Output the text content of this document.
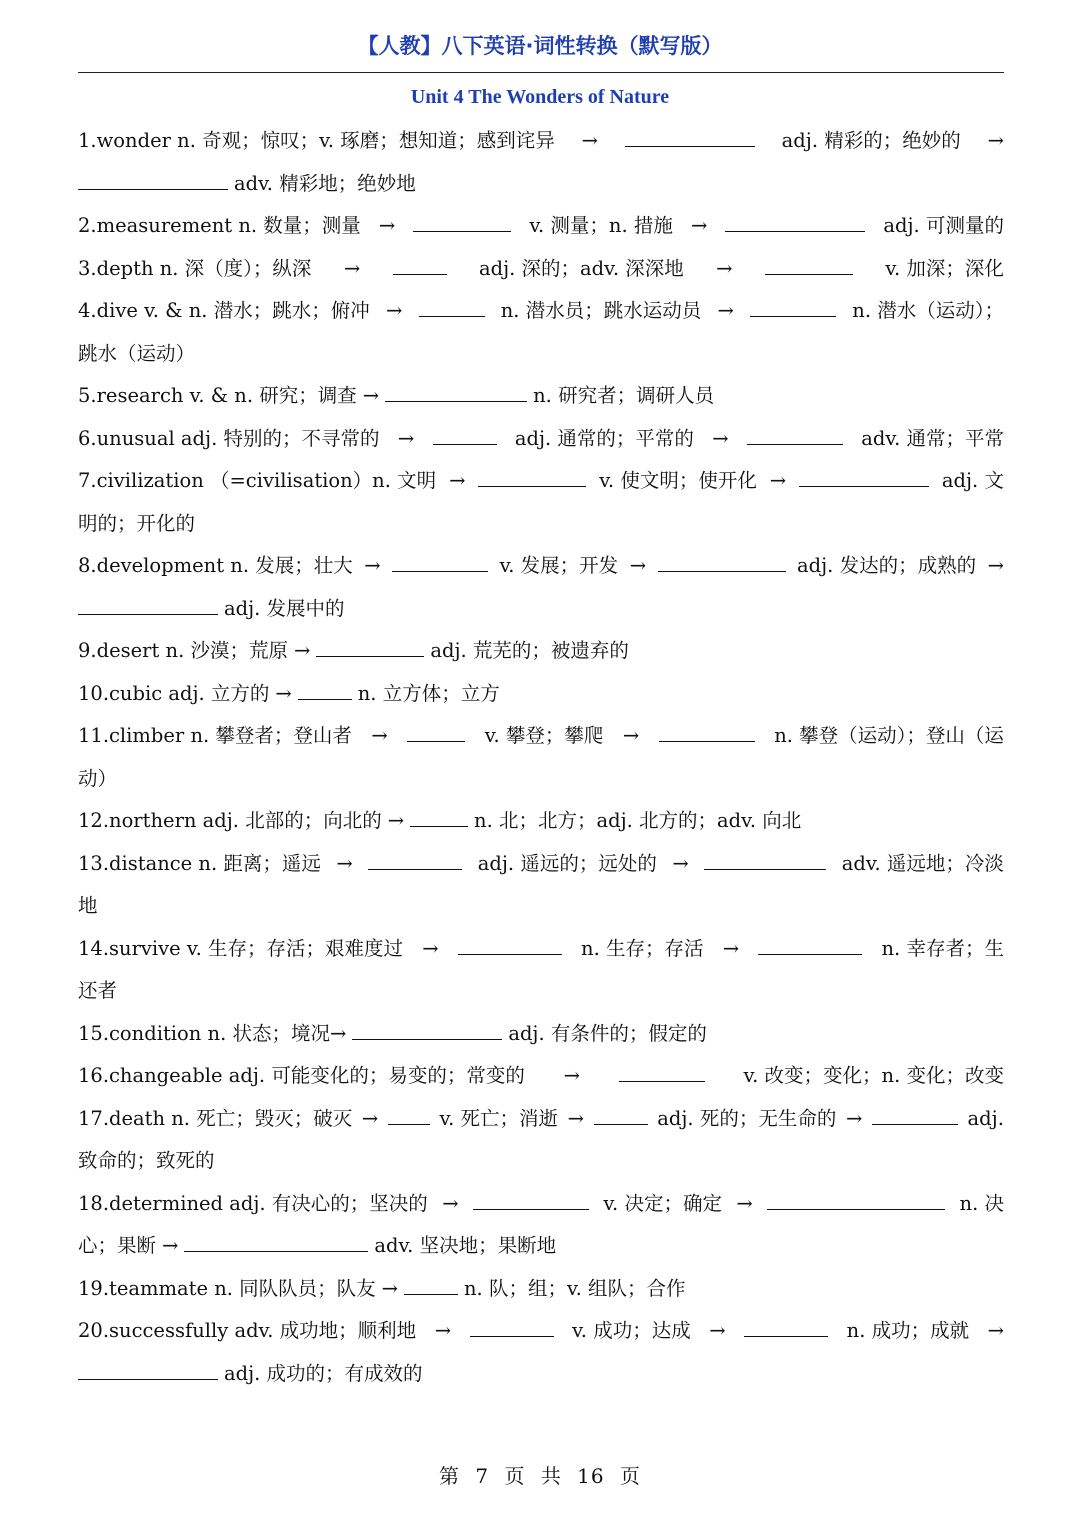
【人教】八下英语·词性转换（默写版）
Unit 4 The Wonders of Nature
1.wonder n. 奇观；惊叹；v. 琢磨；想知道；感到诧异 →	adj. 精彩的；绝妙的 →
adv. 精彩地；绝妙地
2.measurement n. 数量；测量 →	v. 测量；n. 措施 →	adj. 可测量的
3.depth n. 深（度）；纵深 →	adj. 深的；adv. 深深地 →	v. 加深；深化
4.dive v. & n. 潜水；跳水；俯冲 →	n. 潜水员；跳水运动员 →	n. 潜水（运动）；
跳水（运动）
5.research v. & n. 研究；调查 →	n. 研究者；调研人员
6.unusual adj. 特别的；不寻常的 →	adj. 通常的；平常的 →	adv. 通常；平常
7.civilization （=civilisation）n. 文明 →	v. 使文明；使开化 →	adj. 文
明的；开化的
8.development n. 发展；壮大 →	v. 发展；开发 →	adj. 发达的；成熟的 →
adj. 发展中的
9.desert n. 沙漠；荒原 →	adj. 荒芜的；被遗弃的
10.cubic adj. 立方的 →	n. 立方体；立方
11.climber n. 攀登者；登山者 →	v. 攀登；攀爬 →	n. 攀登（运动）；登山（运
动）
12.northern adj. 北部的；向北的 →	n. 北；北方；adj. 北方的；adv. 向北
13.distance n. 距离；遥远 →	adj. 遥远的；远处的 →	adv. 遥远地；冷淡
地
14.survive v. 生存；存活；艰难度过 →	n. 生存；存活 →	n. 幸存者；生
还者
15.condition n. 状态；境况→	adj. 有条件的；假定的
16.changeable adj. 可能变化的；易变的；常变的 →	v. 改变；变化；n. 变化；改变
17.death n. 死亡；毁灭；破灭 →	v. 死亡；消逝 →	adj. 死的；无生命的 →	adj.
致命的；致死的
18.determined adj. 有决心的；坚决的 →	v. 决定；确定 →	n. 决
心；果断 →	adv. 坚决地；果断地
19.teammate n. 同队队员；队友 →	n. 队；组；v. 组队；合作
20.successfully adv. 成功地；顺利地 →	v. 成功；达成 →	n. 成功；成就 →
adj. 成功的；有成效的
第 7 页 共 16 页
